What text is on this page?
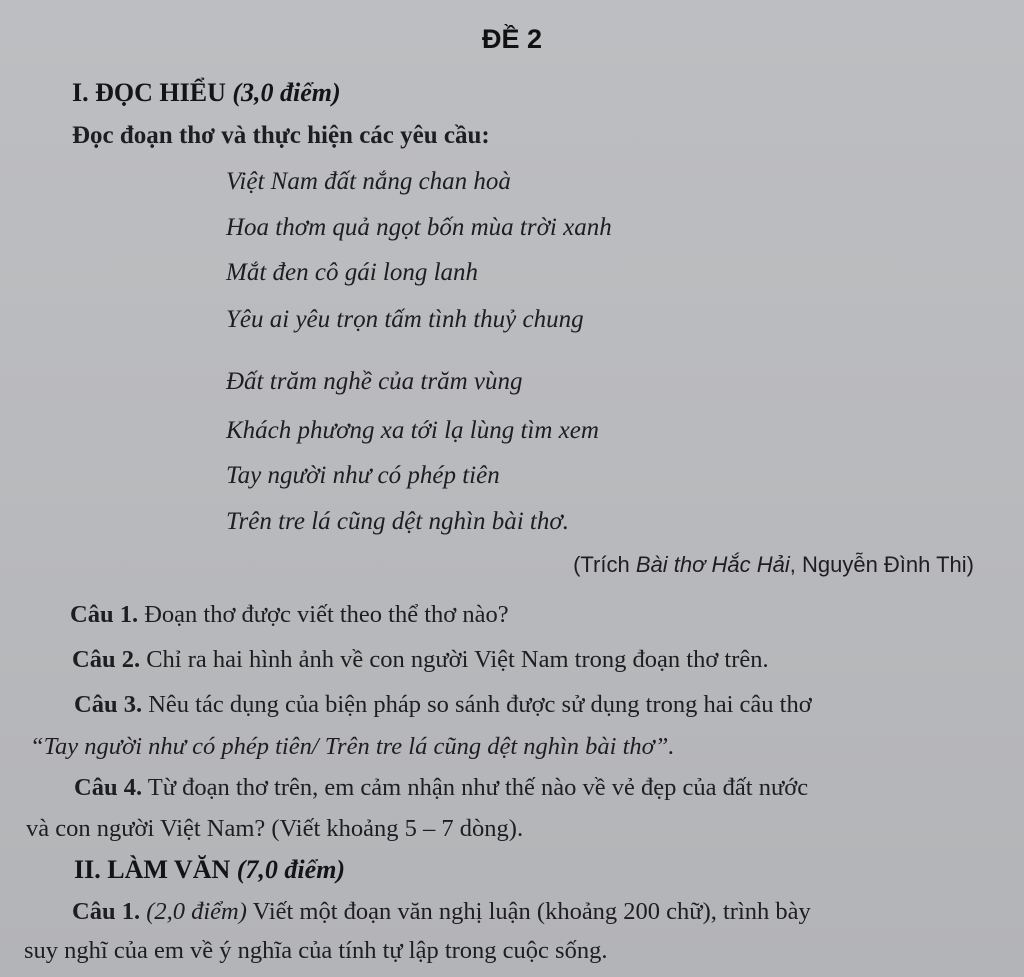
ĐỀ 2
I. ĐỌC HIỂU (3,0 điểm)
Đọc đoạn thơ và thực hiện các yêu cầu:
Việt Nam đất nắng chan hoà
Hoa thơm quả ngọt bốn mùa trời xanh
Mắt đen cô gái long lanh
Yêu ai yêu trọn tấm tình thuỷ chung
Đất trăm nghề của trăm vùng
Khách phương xa tới lạ lùng tìm xem
Tay người như có phép tiên
Trên tre lá cũng dệt nghìn bài thơ.
(Trích Bài thơ Hắc Hải, Nguyễn Đình Thi)
Câu 1. Đoạn thơ được viết theo thể thơ nào?
Câu 2. Chỉ ra hai hình ảnh về con người Việt Nam trong đoạn thơ trên.
Câu 3. Nêu tác dụng của biện pháp so sánh được sử dụng trong hai câu thơ
“Tay người như có phép tiên/ Trên tre lá cũng dệt nghìn bài thơ”.
Câu 4. Từ đoạn thơ trên, em cảm nhận như thế nào về vẻ đẹp của đất nước
và con người Việt Nam? (Viết khoảng 5 – 7 dòng).
II. LÀM VĂN (7,0 điểm)
Câu 1. (2,0 điểm) Viết một đoạn văn nghị luận (khoảng 200 chữ), trình bày
suy nghĩ của em về ý nghĩa của tính tự lập trong cuộc sống.
